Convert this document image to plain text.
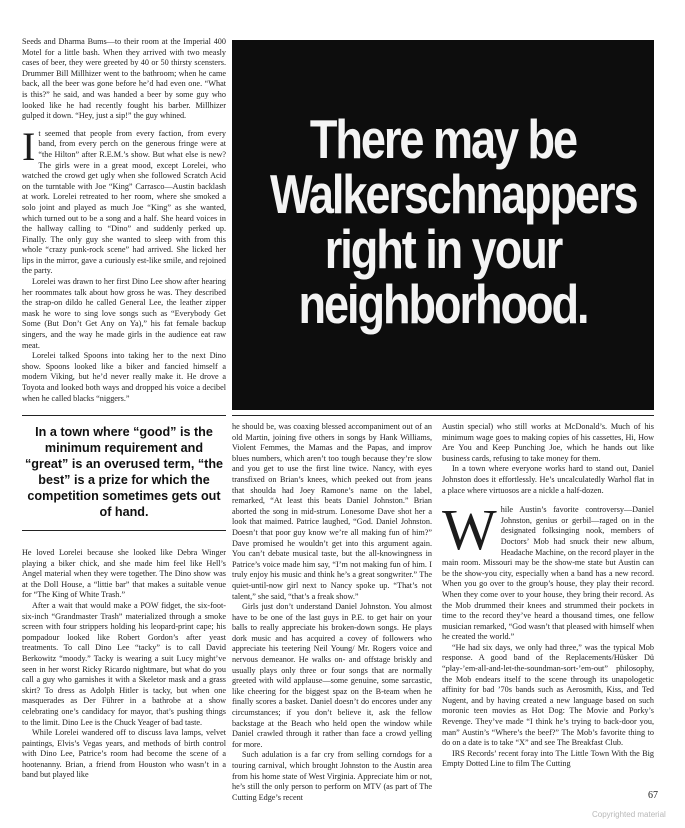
Seeds and Dharma Bums—to their room at the Imperial 400 Motel for a little bash. When they arrived with two measly cases of beer, they were greeted by 40 or 50 thirsty scensters. Drummer Bill Millhizer went to the bathroom; when he came back, all the beer was gone before he’d had even one. “What is this?” he said, and was handed a beer by some guy who looked like he had recently fought his barber. Millhizer gulped it down. “Hey, just a sip!” the guy whined.

It seemed that people from every faction, from every band, from every perch on the generous fringe were at “the Hilton” after R.E.M.’s show. But what else is new? The girls were in a great mood, except Lorelei, who watched the crowd get ugly when she followed Scratch Acid on the turntable with Joe “King” Carrasco—Austin backlash at work. Lorelei retreated to her room, where she smoked a solo joint and played as much Joe “King” as she wanted, which turned out to be a song and a half. She heard voices in the hallway calling to “Dino” and suddenly perked up. Finally. The only guy she wanted to sleep with from this whole “crazy punk-rock scene” had arrived. She licked her lips in the mirror, gave a curiously est-like smile, and rejoined the party.

Lorelei was drawn to her first Dino Lee show after hearing her roommates talk about how gross he was. They described the strap-on dildo he called General Lee, the leather zipper mask he wore to sing love songs such as “Everybody Get Some (But Don’t Get Any on Ya),” his fat female backup singers, and the way he made girls in the audience eat raw meat.

Lorelei talked Spoons into taking her to the next Dino show. Spoons looked like a biker and fancied himself a modern Viking, but he’d never really make it. He drove a Toyota and looked both ways and dropped his voice a decibel when he called blacks “niggers.”

There may be
Walkerschnappers
right in your
neighborhood.
In a town where “good” is the minimum requirement and “great” is an overused term, “the best” is a prize for which the competition sometimes gets out of hand.

He loved Lorelei because she looked like Debra Winger playing a biker chick, and she made him feel like Hell’s Angel material when they were together. The Dino show was at the Doll House, a “littie bar” that makes a suitable venue for “The King of White Trash.”

After a wait that would make a POW fidget, the six-foot-six-inch “Grandmaster Trash” materialized through a smoke screen with four strippers holding his leopard-print cape; his pompadour looked like Robert Gordon’s after yeast treatments. To call Dino Lee “tacky” is to call David Berkowitz “moody.” Tacky is wearing a suit Lucy might’ve seen in her worst Ricky Ricardo nightmare, but what do you call a guy who garnishes it with a Skeletor mask and a grass skirt? To dress as Adolph Hitler is tacky, but when one masquerades as Der Führer in a bathrobe at a show celebrating one’s candidacy for mayor, that’s pushing things to the limit. Dino Lee is the Chuck Yeager of bad taste.

While Lorelei wandered off to discuss lava lamps, velvet paintings, Elvis’s Vegas years, and methods of birth control with Dino Lee, Patrice’s room had become the scene of a hootenanny. Brian, a friend from Houston who wasn’t in a band but played like

he should be, was coaxing blessed accompaniment out of an old Martin, joining five others in songs by Hank Williams, Violent Femmes, the Mamas and the Papas, and improv blues numbers, which aren’t too tough because they’re slow and you get to use the first line twice. Nancy, with eyes transfixed on Brian’s knees, which peeked out from jeans that shoulda had Joey Ramone’s name on the label, remarked, “At least this beats Daniel Johnston.” Brian aborted the song in mid-strum. Lonesome Dave shot her a look that maimed. Patrice laughed, “God. Daniel Johnston. Doesn’t that poor guy know we’re all making fun of him?” Dave promised he wouldn’t get into this argument again. You can’t debate musical taste, but the all-knowingness in Patrice’s voice made him say, “I’m not making fun of him. I truly enjoy his music and think he’s a great songwriter.” The quiet-until-now girl next to Nancy spoke up. “That’s not talent,” she said, “that’s a freak show.”

Girls just don’t understand Daniel Johnston. You almost have to be one of the last guys in P.E. to get hair on your balls to really appreciate his broken-down songs. He plays dork music and has acquired a covey of followers who appreciate his teetering Neil Young/ Mr. Rogers voice and nervous demeanor. He walks on- and offstage briskly and usually plays only three or four songs that are normally greeted with wild applause—some genuine, some sarcastic, like cheering for the biggest spaz on the B-team when he finally scores a basket. Daniel doesn’t do encores under any circumstances; if you don’t believe it, ask the fellow backstage at the Beach who held open the window while Daniel crawled through it rather than face a crowd yelling for more.

Such adulation is a far cry from selling corndogs for a touring carnival, which brought Johnston to the Austin area from his home state of West Virginia. Appreciate him or not, he’s still the only person to perform on MTV (as part of The Cutting Edge’s recent

Austin special) who still works at McDonald’s. Much of his minimum wage goes to making copies of his cassettes, Hi, How Are You and Keep Punching Joe, which he hands out like business cards, refusing to take money for them.

In a town where everyone works hard to stand out, Daniel Johnston does it effortlessly. He’s uncalculatedly Warhol flat in a place where virtuosos are a nickle a half-dozen.

While Austin’s favorite controversy—Daniel Johnston, genius or gerbil—raged on in the designated folksinging nook, members of Doctors’ Mob had snuck their new album, Headache Machine, on the record player in the main room. Missouri may be the show-me state but Austin can be the show-you city, especially when a band has a new record. When you go over to the group’s house, they play their record. When they come over to your house, they bring their record. As the Mob drummed their knees and strummed their pockets in time to the record they’ve heard a thousand times, one fellow musician remarked, “God wasn’t that pleased with himself when he created the world.”

“He had six days, we only had three,” was the typical Mob response. A good band of the Replacements/Hüsker Dü “play-’em-all-and-let-the-soundman-sort-’em-out” philosophy, the Mob endears itself to the scene through its unapologetic affinity for bad ’70s bands such as Aerosmith, Kiss, and Ted Nugent, and by having created a new language based on such moronic teen movies as Hot Dog: The Movie and Porky’s Revenge. They’ve made “I think he’s trying to back-door you, man” Austin’s “Where’s the beef?” The Mob’s favorite thing to do on a date is to take “X” and see The Breakfast Club.

IRS Records’ recent foray into The Little Town With the Big Empty Dotted Line to film The Cutting

67
Copyrighted material
